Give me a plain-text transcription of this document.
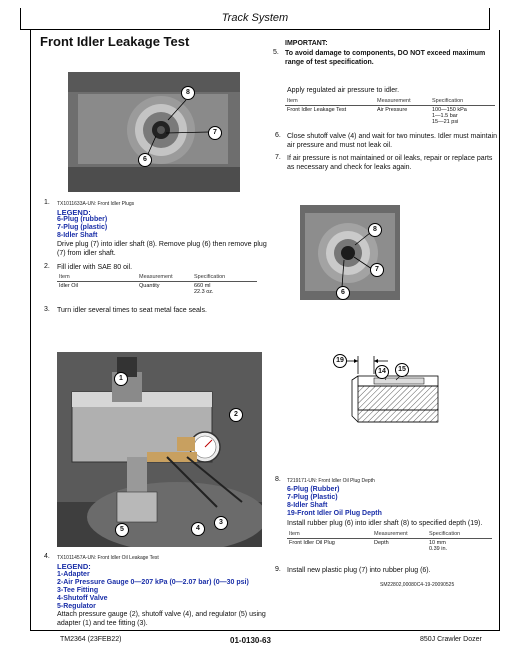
Track System
Front Idler Leakage Test
8
7
6
IMPORTANT:
5. To avoid damage to components, DO NOT exceed maximum range of test specification.
Apply regulated air pressure to idler.
Item	Measurement	Specification
Front Idler Leakage Test	Air Pressure	100—150 kPa
1—1.5 bar
15—21 psi
6. Close shutoff valve (4) and wait for two minutes. Idler must maintain air pressure and must not leak oil.
7. If air pressure is not maintained or oil leaks, repair or replace parts as necessary and check for leaks again.
1. TX1011633A-UN: Front Idler Plugs
LEGEND:
6-Plug (rubber)
7-Plug (plastic)
8-Idler Shaft
Drive plug (7) into idler shaft (8). Remove plug (6) then remove plug (7) from idler shaft.
2. Fill idler with SAE 80 oil.
Item	Measurement	Specification
Idler Oil	Quantity	660 ml
22.3 oz.
3. Turn idler several times to seat metal face seals.
8
7
6
19
14	15
8. T219171-UN: Front Idler Oil Plug Depth
6-Plug (Rubber)
7-Plug (Plastic)
8-Idler Shaft
19-Front Idler Oil Plug Depth
Install rubber plug (6) into idler shaft (8) to specified depth (19).
Item	Measurement	Specification
Front Idler Oil Plug	Depth	10 mm
0.39 in.
9. Install new plastic plug (7) into rubber plug (6).
SM22802,00080C4-19-20090525
1
2
3
4
5
4. TX1011457A-UN: Front Idler Oil Leakage Test
LEGEND:
1-Adapter
2-Air Pressure Gauge 0—207 kPa (0—2.07 bar) (0—30 psi)
3-Tee Fitting
4-Shutoff Valve
5-Regulator
Attach pressure gauge (2), shutoff valve (4), and regulator (5) using adapter (1) and tee fitting (3).
TM2364 (23FEB22)	01-0130-63	850J Crawler Dozer
